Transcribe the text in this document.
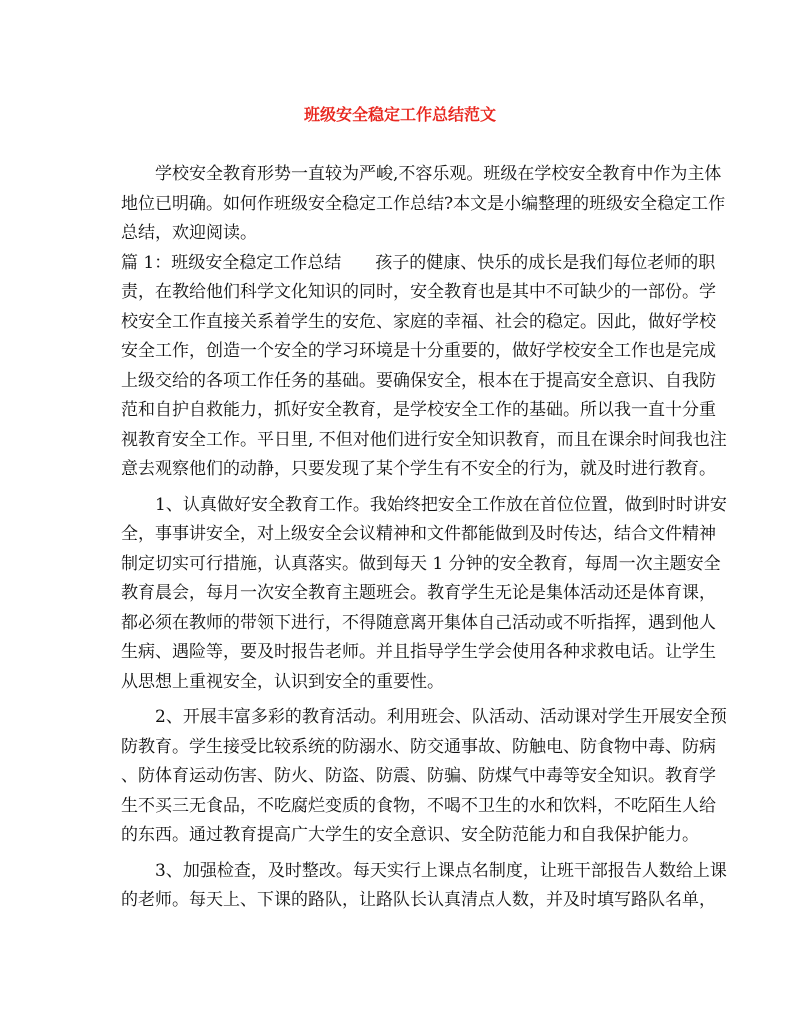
班级安全稳定工作总结范文
学校安全教育形势一直较为严峻,不容乐观。班级在学校安全教育中作为主体
地位已明确。如何作班级安全稳定工作总结?本文是小编整理的班级安全稳定工作
总结，欢迎阅读。
篇 1：班级安全稳定工作总结　　孩子的健康、快乐的成长是我们每位老师的职
责，在教给他们科学文化知识的同时，安全教育也是其中不可缺少的一部份。学
校安全工作直接关系着学生的安危、家庭的幸福、社会的稳定。因此，做好学校
安全工作，创造一个安全的学习环境是十分重要的，做好学校安全工作也是完成
上级交给的各项工作任务的基础。要确保安全，根本在于提高安全意识、自我防
范和自护自救能力，抓好安全教育，是学校安全工作的基础。所以我一直十分重
视教育安全工作。平日里, 不但对他们进行安全知识教育，而且在课余时间我也注
意去观察他们的动静，只要发现了某个学生有不安全的行为，就及时进行教育。
1、认真做好安全教育工作。我始终把安全工作放在首位位置，做到时时讲安
全，事事讲安全，对上级安全会议精神和文件都能做到及时传达，结合文件精神
制定切实可行措施，认真落实。做到每天 1 分钟的安全教育，每周一次主题安全
教育晨会，每月一次安全教育主题班会。教育学生无论是集体活动还是体育课，
都必须在教师的带领下进行，不得随意离开集体自己活动或不听指挥，遇到他人
生病、遇险等，要及时报告老师。并且指导学生学会使用各种求救电话。让学生
从思想上重视安全，认识到安全的重要性。
2、开展丰富多彩的教育活动。利用班会、队活动、活动课对学生开展安全预
防教育。学生接受比较系统的防溺水、防交通事故、防触电、防食物中毒、防病
、防体育运动伤害、防火、防盗、防震、防骗、防煤气中毒等安全知识。教育学
生不买三无食品，不吃腐烂变质的食物，不喝不卫生的水和饮料，不吃陌生人给
的东西。通过教育提高广大学生的安全意识、安全防范能力和自我保护能力。
3、加强检查，及时整改。每天实行上课点名制度，让班干部报告人数给上课
的老师。每天上、下课的路队，让路队长认真清点人数，并及时填写路队名单，
